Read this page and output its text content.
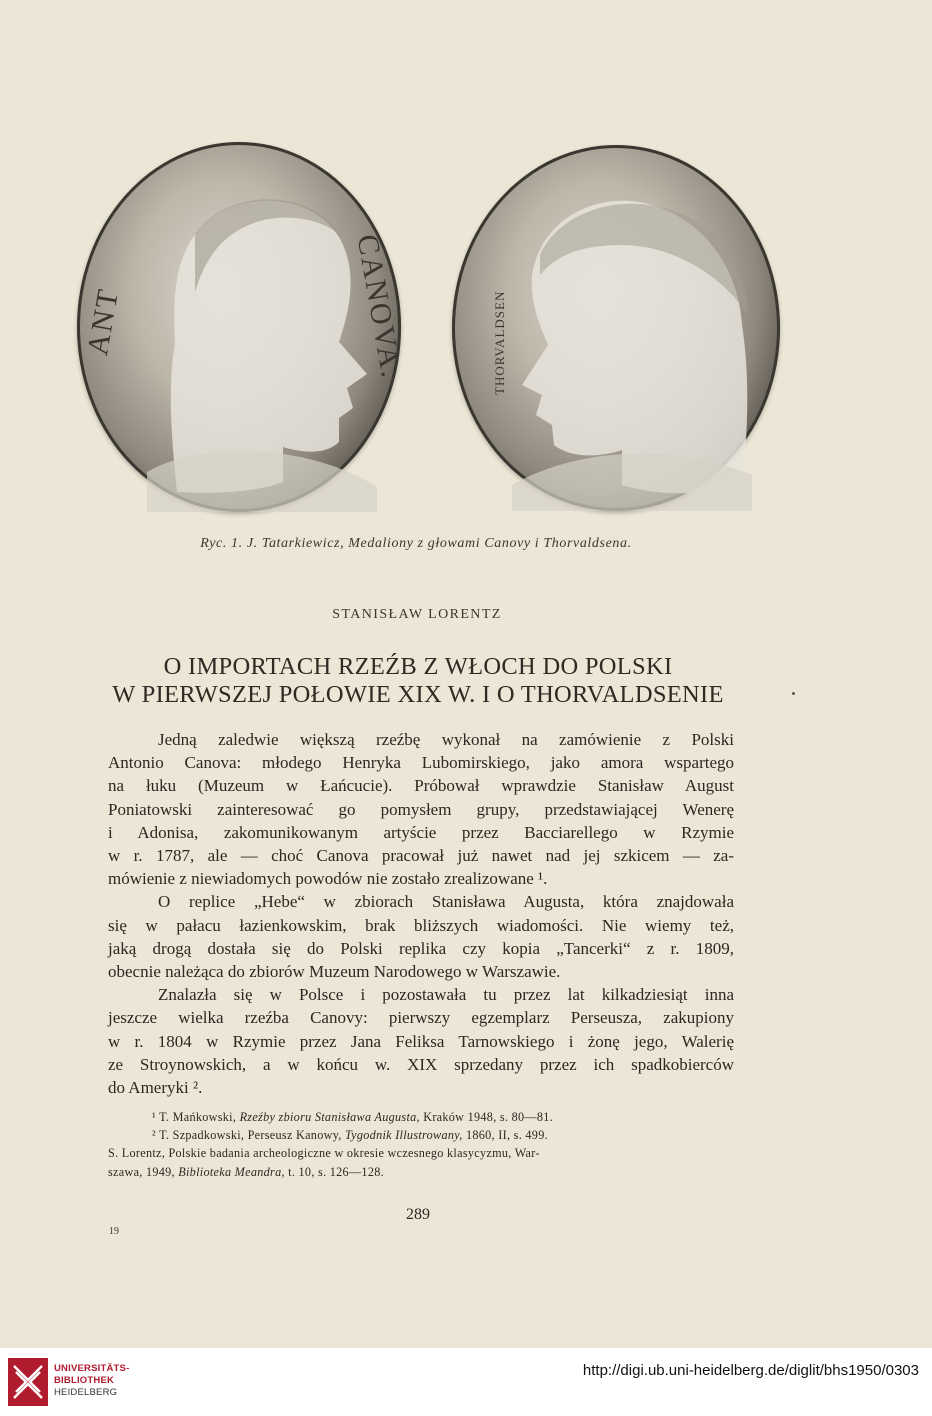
ANT	CANOVA.	THORVALDSEN
Ryc. 1. J. Tatarkiewicz, Medaliony z głowami Canovy i Thorvaldsena.
STANISŁAW LORENTZ
O IMPORTACH RZEŹB Z WŁOCH DO POLSKI
W PIERWSZEJ POŁOWIE XIX W. I O THORVALDSENIE

Jedną zaledwie większą rzeźbę wykonał na zamówienie z Polski
Antonio Canova: młodego Henryka Lubomirskiego, jako amora wspartego
na łuku (Muzeum w Łańcucie). Próbował wprawdzie Stanisław August
Poniatowski zainteresować go pomysłem grupy, przedstawiającej Wenerę
i Adonisa, zakomunikowanym artyście przez Bacciarellego w Rzymie
w r. 1787, ale — choć Canova pracował już nawet nad jej szkicem — za-
mówienie z niewiadomych powodów nie zostało zrealizowane ¹.

O replice „Hebe“ w zbiorach Stanisława Augusta, która znajdowała
się w pałacu łazienkowskim, brak bliższych wiadomości. Nie wiemy też,
jaką drogą dostała się do Polski replika czy kopia „Tancerki“ z r. 1809,
obecnie należąca do zbiorów Muzeum Narodowego w Warszawie.

Znalazła się w Polsce i pozostawała tu przez lat kilkadziesiąt inna
jeszcze wielka rzeźba Canovy: pierwszy egzemplarz Perseusza, zakupiony
w r. 1804 w Rzymie przez Jana Feliksa Tarnowskiego i żonę jego, Walerię
ze Stroynowskich, a w końcu w. XIX sprzedany przez ich spadkobierców
do Ameryki ².

¹ T. Mańkowski, Rzeźby zbioru Stanisława Augusta, Kraków 1948, s. 80—81.
² T. Szpadkowski, Perseusz Kanowy, Tygodnik Illustrowany, 1860, II, s. 499.
S. Lorentz, Polskie badania archeologiczne w okresie wczesnego klasycyzmu, War-
szawa, 1949, Biblioteka Meandra, t. 10, s. 126—128.
289
19
UNIVERSITÄTS-
BIBLIOTHEK
HEIDELBERG
http://digi.ub.uni-heidelberg.de/diglit/bhs1950/0303
